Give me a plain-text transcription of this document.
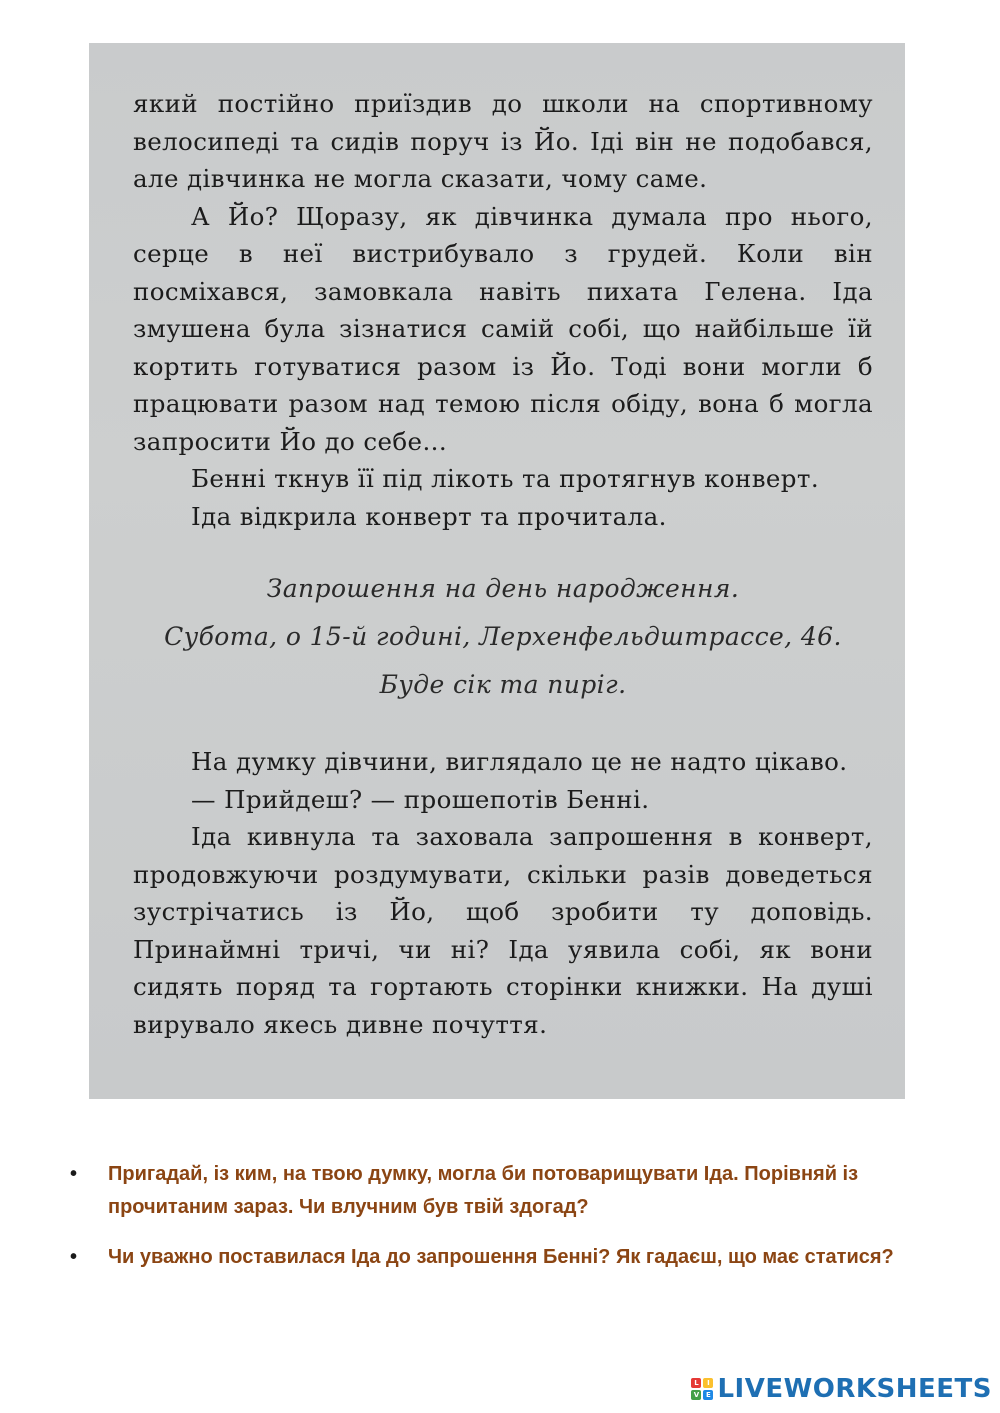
який постійно приїздив до школи на спортивному велосипеді та сидів поруч із Йо. Іді він не подобався, але дівчинка не могла сказати, чому саме.

А Йо? Щоразу, як дівчинка думала про нього, серце в неї вистрибувало з грудей. Коли він посміхався, замовкала навіть пихата Гелена. Іда змушена була зізнатися самій собі, що найбільше їй кортить готуватися разом із Йо. Тоді вони могли б працювати разом над темою після обіду, вона б могла запросити Йо до себе...

Бенні ткнув її під лікоть та протягнув конверт.

Іда відкрила конверт та прочитала.

Запрошення на день народження.
Субота, о 15-й годині, Лерхенфельдштрассе, 46.
Буде сік та пиріг.

На думку дівчини, виглядало це не надто цікаво.

— Прийдеш? — прошепотів Бенні.

Іда кивнула та заховала запрошення в конверт, продовжуючи роздумувати, скільки разів доведеться зустрічатись із Йо, щоб зробити ту доповідь. Принаймні тричі, чи ні? Іда уявила собі, як вони сидять поряд та гортають сторінки книжки. На душі вирувало якесь дивне почуття.

• Пригадай, із ким, на твою думку, могла би потоварищувати Іда. Порівняй із прочитаним зараз. Чи влучним був твій здогад?
• Чи уважно поставилася Іда до запрошення Бенні? Як гадаєш, що має статися?
L	I
V E LIVEWORKSHEETS
